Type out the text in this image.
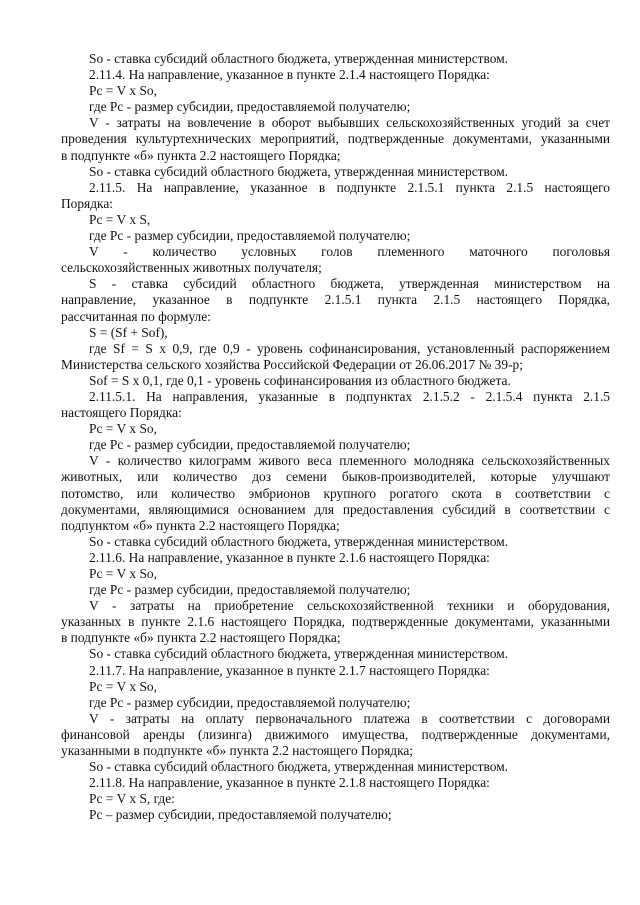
So - ставка субсидий областного бюджета, утвержденная министерством.
2.11.4. На направление, указанное в пункте 2.1.4 настоящего Порядка:
Рс = V x So,
где Рс - размер субсидии, предоставляемой получателю;
V - затраты на вовлечение в оборот выбывших сельскохозяйственных угодий за счет
проведения культуртехнических мероприятий, подтвержденные документами, указанными
в подпункте «б» пункта 2.2 настоящего Порядка;
So - ставка субсидий областного бюджета, утвержденная министерством.
2.11.5. На направление, указанное в подпункте 2.1.5.1 пункта 2.1.5 настоящего
Порядка:
Рс = V x S,
где Рс - размер субсидии, предоставляемой получателю;
V - количество условных голов племенного маточного поголовья
сельскохозяйственных животных получателя;
S - ставка субсидий областного бюджета, утвержденная министерством на
направление, указанное в подпункте 2.1.5.1 пункта 2.1.5 настоящего Порядка,
рассчитанная по формуле:
S = (Sf + Sof),
где Sf = S x 0,9, где 0,9 - уровень софинансирования, установленный распоряжением
Министерства сельского хозяйства Российской Федерации от 26.06.2017 № 39-р;
Sof = S x 0,1, где 0,1 - уровень софинансирования из областного бюджета.
2.11.5.1. На направления, указанные в подпунктах 2.1.5.2 - 2.1.5.4 пункта 2.1.5
настоящего Порядка:
Рс = V x So,
где Рс - размер субсидии, предоставляемой получателю;
V - количество килограмм живого веса племенного молодняка сельскохозяйственных
животных, или количество доз семени быков-производителей, которые улучшают
потомство, или количество эмбрионов крупного рогатого скота в соответствии с
документами, являющимися основанием для предоставления субсидий в соответствии с
подпунктом «б» пункта 2.2 настоящего Порядка;
So - ставка субсидий областного бюджета, утвержденная министерством.
2.11.6. На направление, указанное в пункте 2.1.6 настоящего Порядка:
Рс = V x So,
где Рс - размер субсидии, предоставляемой получателю;
V - затраты на приобретение сельскохозяйственной техники и оборудования,
указанных в пункте 2.1.6 настоящего Порядка, подтвержденные документами, указанными
в подпункте «б» пункта 2.2 настоящего Порядка;
So - ставка субсидий областного бюджета, утвержденная министерством.
2.11.7. На направление, указанное в пункте 2.1.7 настоящего Порядка:
Рс = V x So,
где Рс - размер субсидии, предоставляемой получателю;
V - затраты на оплату первоначального платежа в соответствии с договорами
финансовой аренды (лизинга) движимого имущества, подтвержденные документами,
указанными в подпункте «б» пункта 2.2 настоящего Порядка;
So - ставка субсидий областного бюджета, утвержденная министерством.
2.11.8. На направление, указанное в пункте 2.1.8 настоящего Порядка:
Рс = V x S, где:
Рс – размер субсидии, предоставляемой получателю;
